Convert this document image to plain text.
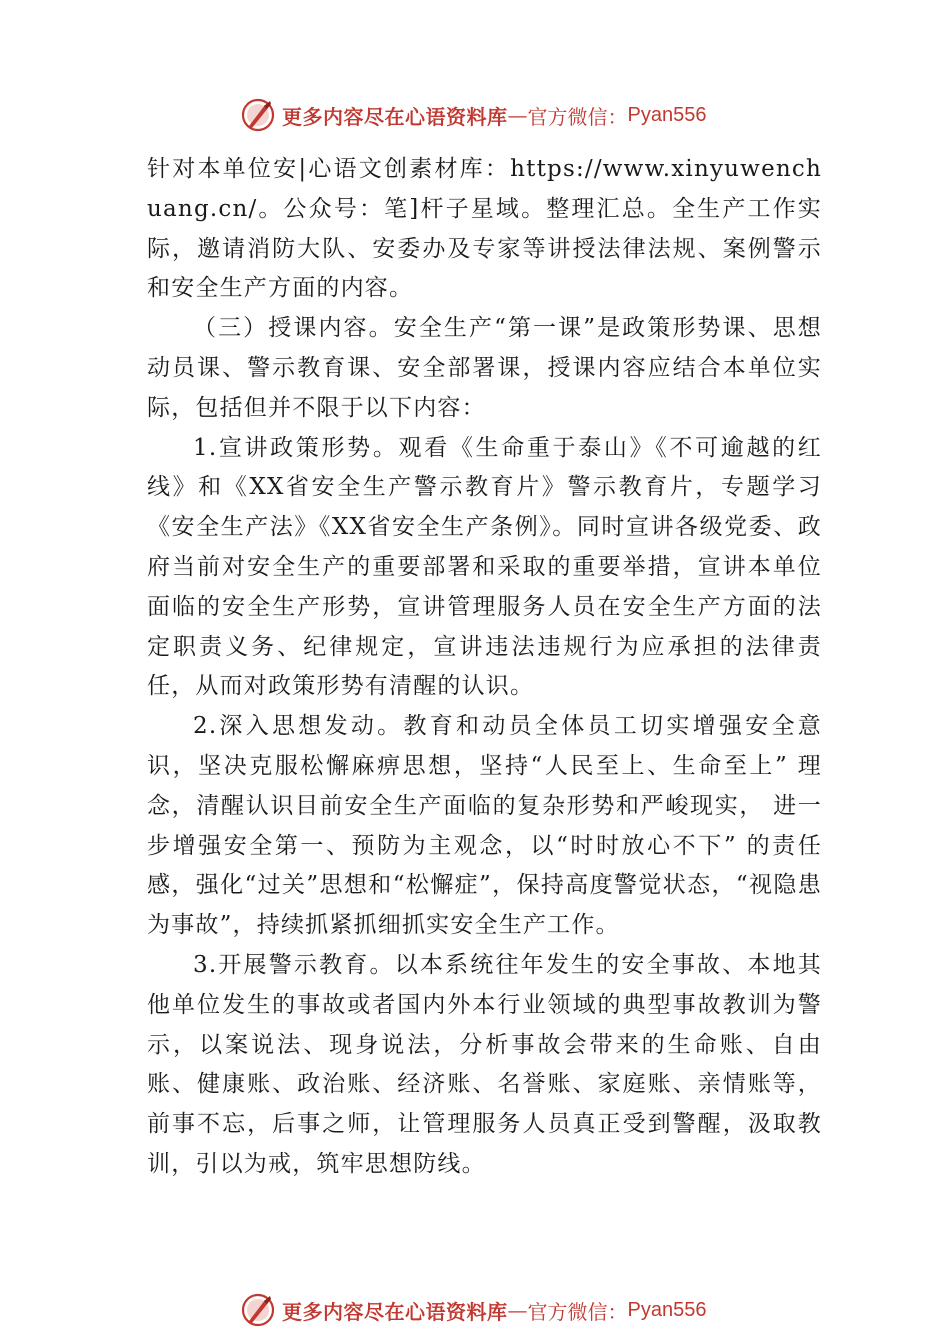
更多内容尽在心语资料库 — 官方微信： Pyan556

针对本单位安|心语文创素材库：https://www.xinyuwenchuang.cn/。公众号：笔]杆子星域。整理汇总。全生产工作实际，邀请消防大队、安委办及专家等讲授法律法规、案例警示和安全生产方面的内容。

（三）授课内容。安全生产“第一课”是政策形势课、思想动员课、警示教育课、安全部署课，授课内容应结合本单位实际，包括但并不限于以下内容：

1.宣讲政策形势。观看《生命重于泰山》《不可逾越的红线》和《XX省安全生产警示教育片》警示教育片，专题学习《安全生产法》《XX省安全生产条例》。同时宣讲各级党委、政府当前对安全生产的重要部署和采取的重要举措，宣讲本单位面临的安全生产形势，宣讲管理服务人员在安全生产方面的法定职责义务、纪律规定，宣讲违法违规行为应承担的法律责任，从而对政策形势有清醒的认识。

2.深入思想发动。教育和动员全体员工切实增强安全意识，坚决克服松懈麻痹思想，坚持“人民至上、生命至上” 理念，清醒认识目前安全生产面临的复杂形势和严峻现实， 进一步增强安全第一、预防为主观念，以“时时放心不下” 的责任感，强化“过关”思想和“松懈症”，保持高度警觉状态，“视隐患为事故”，持续抓紧抓细抓实安全生产工作。

3.开展警示教育。以本系统往年发生的安全事故、本地其他单位发生的事故或者国内外本行业领域的典型事故教训为警示，以案说法、现身说法，分析事故会带来的生命账、自由账、健康账、政治账、经济账、名誉账、家庭账、亲情账等，前事不忘，后事之师，让管理服务人员真正受到警醒，汲取教训，引以为戒，筑牢思想防线。

更多内容尽在心语资料库 — 官方微信： Pyan556
